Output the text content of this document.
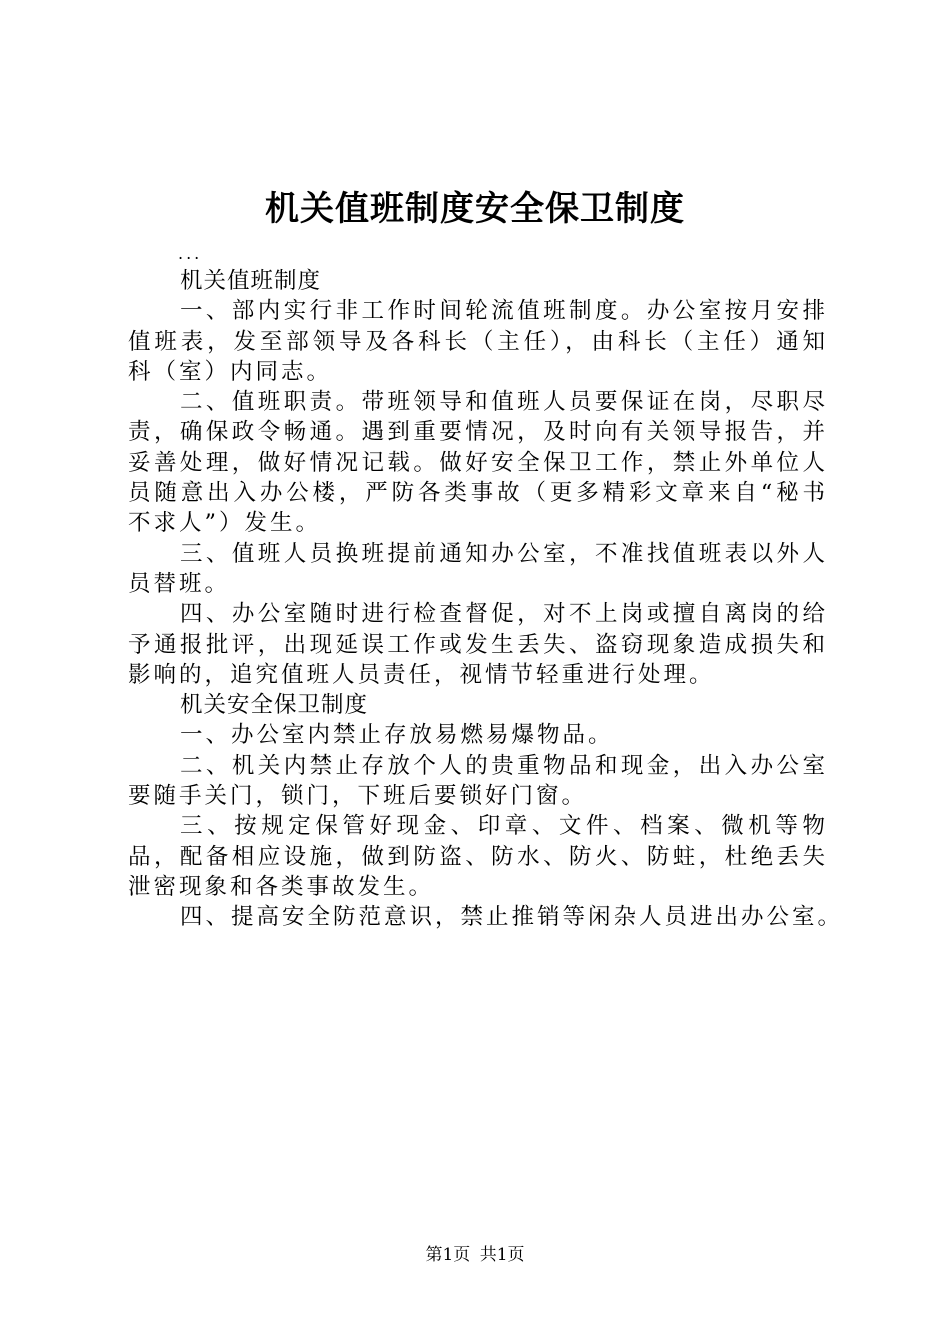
机关值班制度安全保卫制度
...

机关值班制度

一、部内实行非工作时间轮流值班制度。办公室按月安排值班表，发至部领导及各科长（主任），由科长（主任）通知科（室）内同志。

二、值班职责。带班领导和值班人员要保证在岗，尽职尽责，确保政令畅通。遇到重要情况，及时向有关领导报告，并妥善处理，做好情况记载。做好安全保卫工作，禁止外单位人员随意出入办公楼，严防各类事故（更多精彩文章来自“秘书不求人”）发生。

三、值班人员换班提前通知办公室，不准找值班表以外人员替班。

四、办公室随时进行检查督促，对不上岗或擅自离岗的给予通报批评，出现延误工作或发生丢失、盗窃现象造成损失和影响的，追究值班人员责任，视情节轻重进行处理。

机关安全保卫制度

一、办公室内禁止存放易燃易爆物品。

二、机关内禁止存放个人的贵重物品和现金，出入办公室要随手关门，锁门，下班后要锁好门窗。

三、按规定保管好现金、印章、文件、档案、微机等物品，配备相应设施，做到防盗、防水、防火、防蛀，杜绝丢失泄密现象和各类事故发生。

四、提高安全防范意识，禁止推销等闲杂人员进出办公室。

第1页 共1页
